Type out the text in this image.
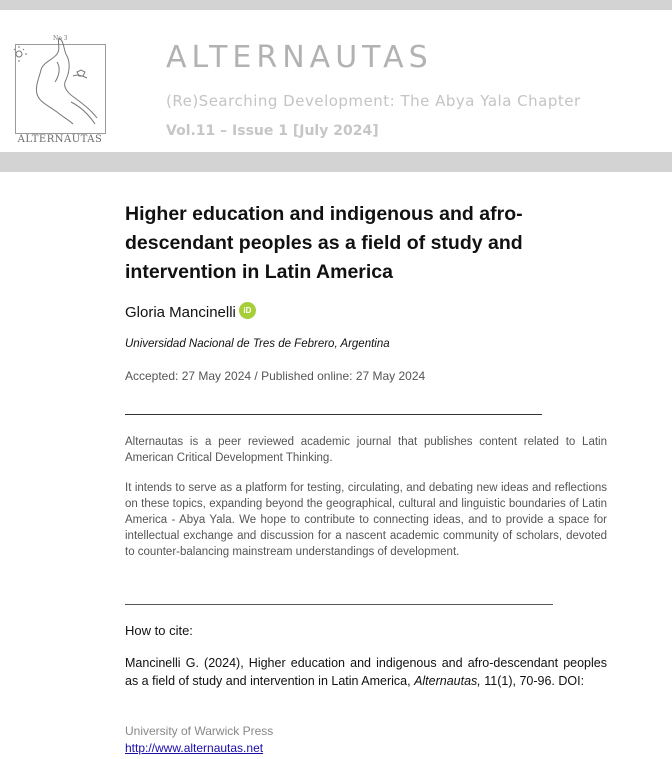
No 3
ALTERNAUTAS
ALTERNAUTAS
(Re)Searching Development: The Abya Yala Chapter
Vol.11 – Issue 1 [July 2024]
Higher education and indigenous and afro-descendant peoples as a field of study and intervention in Latin America
Gloria Mancinelli iD
Universidad Nacional de Tres de Febrero, Argentina
Accepted: 27 May 2024 / Published online: 27 May 2024
Alternautas is a peer reviewed academic journal that publishes content related to Latin American Critical Development Thinking.
It intends to serve as a platform for testing, circulating, and debating new ideas and reflections on these topics, expanding beyond the geographical, cultural and linguistic boundaries of Latin America - Abya Yala. We hope to contribute to connecting ideas, and to provide a space for intellectual exchange and discussion for a nascent academic community of scholars, devoted to counter-balancing mainstream understandings of development.
How to cite:
Mancinelli G. (2024), Higher education and indigenous and afro-descendant peoples as a field of study and intervention in Latin America, Alternautas, 11(1), 70-96. DOI:
University of Warwick Press
http://www.alternautas.net
